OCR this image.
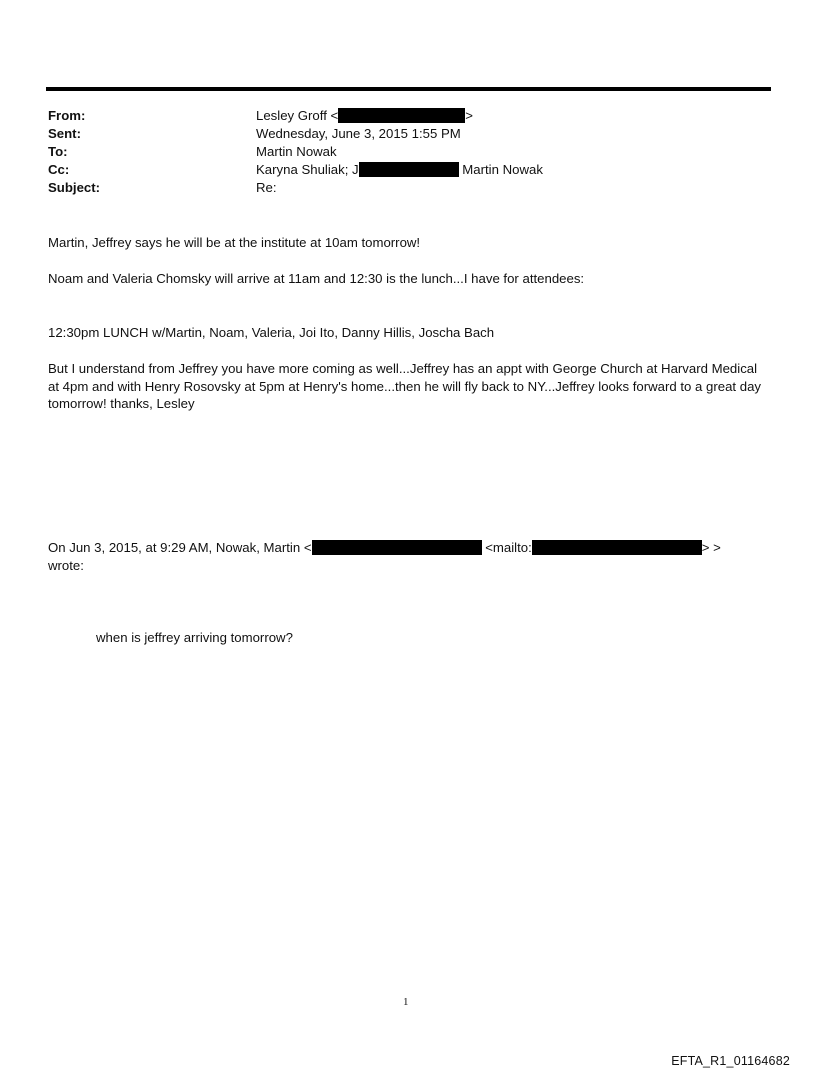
From:	Lesley Groff <	>
Sent:	Wednesday, June 3, 2015 1:55 PM
To:	Martin Nowak
Cc:	Karyna Shuliak; J	Martin Nowak
Subject:	Re:
Martin, Jeffrey says he will be at the institute at 10am tomorrow!
Noam and Valeria Chomsky will arrive at 11am and 12:30 is the lunch...I have for attendees:
12:30pm LUNCH w/Martin, Noam, Valeria, Joi Ito, Danny Hillis, Joscha Bach
But I understand from Jeffrey you have more coming as well...Jeffrey has an appt with George Church at Harvard Medical at 4pm and with Henry Rosovsky at 5pm at Henry's home...then he will fly back to NY...Jeffrey looks forward to a great day tomorrow! thanks, Lesley
On Jun 3, 2015, at 9:29 AM, Nowak, Martin <	<mailto:	> >
wrote:
when is jeffrey arriving tomorrow?
1
EFTA_R1_01164682
